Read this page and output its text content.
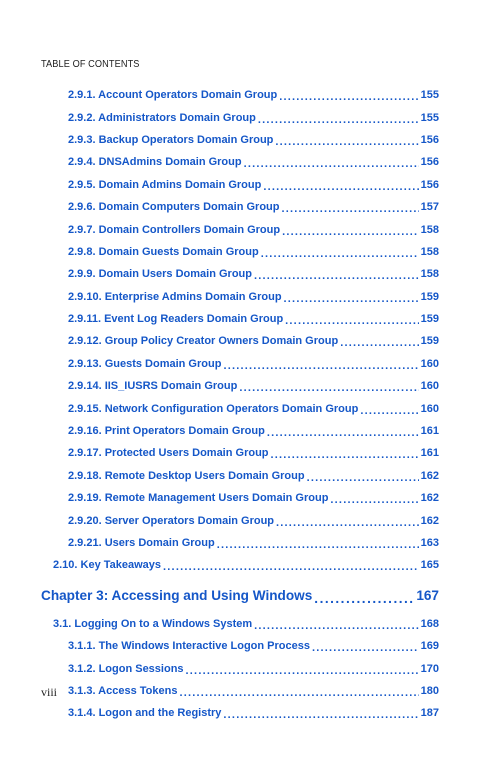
TABLE OF CONTENTS
2.9.1. Account Operators Domain Group .....	155
2.9.2. Administrators Domain Group .....	155
2.9.3. Backup Operators Domain Group .....	156
2.9.4. DNSAdmins Domain Group .....	156
2.9.5. Domain Admins Domain Group .....	156
2.9.6. Domain Computers Domain Group .....	157
2.9.7. Domain Controllers Domain Group .....	158
2.9.8. Domain Guests Domain Group .....	158
2.9.9. Domain Users Domain Group .....	158
2.9.10. Enterprise Admins Domain Group .....	159
2.9.11. Event Log Readers Domain Group .....	159
2.9.12. Group Policy Creator Owners Domain Group .....	159
2.9.13. Guests Domain Group .....	160
2.9.14. IIS_IUSRS Domain Group .....	160
2.9.15. Network Configuration Operators Domain Group .....	160
2.9.16. Print Operators Domain Group .....	161
2.9.17. Protected Users Domain Group .....	161
2.9.18. Remote Desktop Users Domain Group .....	162
2.9.19. Remote Management Users Domain Group .....	162
2.9.20. Server Operators Domain Group .....	162
2.9.21. Users Domain Group .....	163
2.10. Key Takeaways .....	165
Chapter 3: Accessing and Using Windows .....	167
3.1. Logging On to a Windows System .....	168
3.1.1. The Windows Interactive Logon Process .....	169
3.1.2. Logon Sessions .....	170
3.1.3. Access Tokens .....	180
3.1.4. Logon and the Registry .....	187
viii
